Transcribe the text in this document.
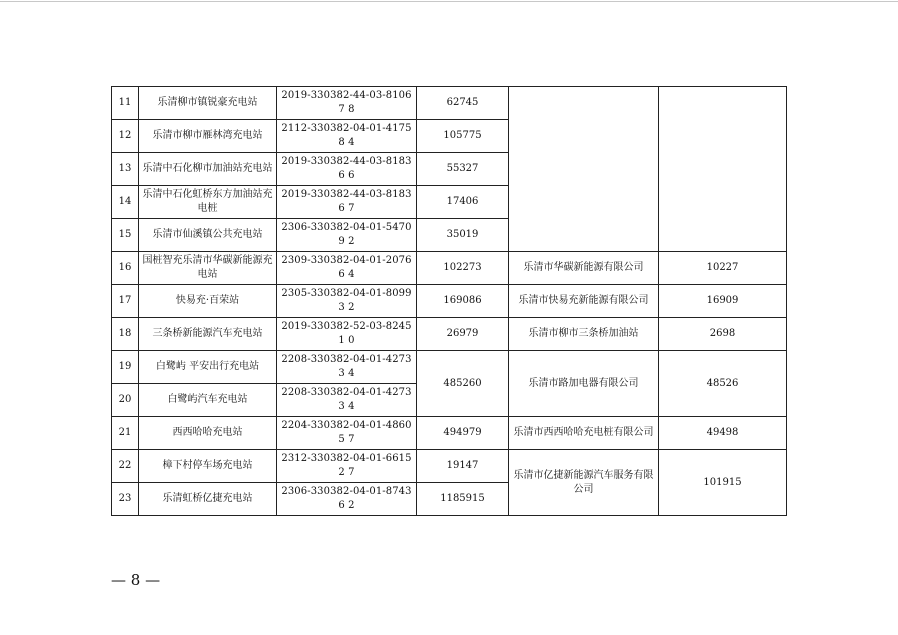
11	乐清柳市镇锐豪充电站	2019-330382-44-03-81067 8	62745		
12	乐清市柳市雁林湾充电站	2112-330382-04-01-41758 4	105775		
13	乐清中石化柳市加油站充电站	2019-330382-44-03-81836 6	55327		
14	乐清中石化虹桥东方加油站充电桩	2019-330382-44-03-81836 7	17406		
15	乐清市仙溪镇公共充电站	2306-330382-04-01-54709 2	35019		
16	国桩智充乐清市华碳新能源充电站	2309-330382-04-01-20766 4	102273	乐清市华碳新能源有限公司	10227
17	快易充·百荣站	2305-330382-04-01-80993 2	169086	乐清市快易充新能源有限公司	16909
18	三条桥新能源汽车充电站	2019-330382-52-03-82451 0	26979	乐清市柳市三条桥加油站	2698
19	白鹭屿 平安出行充电站	2208-330382-04-01-42733 4	485260	乐清市路加电器有限公司	48526
20	白鹭屿汽车充电站	2208-330382-04-01-42733 4			
21	西西哈哈充电站	2204-330382-04-01-48605 7	494979	乐清市西西哈哈充电桩有限公司	49498
22	樟下村停车场充电站	2312-330382-04-01-66152 7	19147	乐清市亿捷新能源汽车服务有限公司	101915
23	乐清虹桥亿捷充电站	2306-330382-04-01-87436 2	1185915		
— 8 —
